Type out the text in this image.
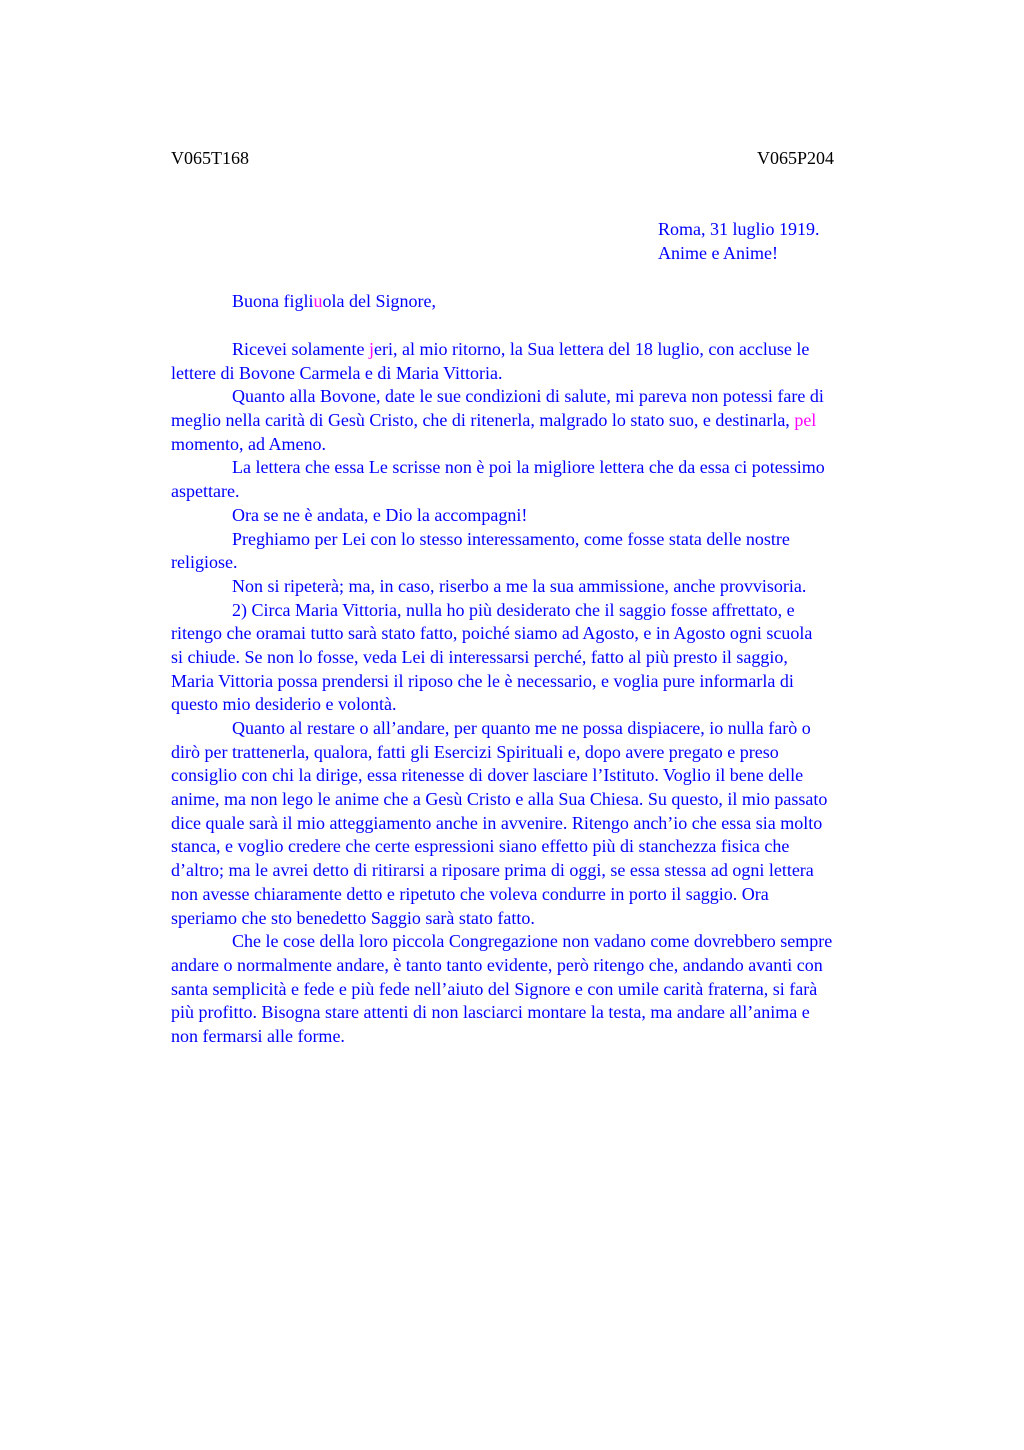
V065T168	V065P204
Roma, 31 luglio 1919.
Anime e Anime!
Buona figliuola del Signore,
Ricevei solamente jeri, al mio ritorno, la Sua lettera del 18 luglio, con accluse le
lettere di Bovone Carmela e di Maria Vittoria.
Quanto alla Bovone, date le sue condizioni di salute, mi pareva non potessi fare di
meglio nella carità di Gesù Cristo, che di ritenerla, malgrado lo stato suo, e destinarla, pel
momento, ad Ameno.
La lettera che essa Le scrisse non è poi la migliore lettera che da essa ci potessimo
aspettare.
Ora se ne è andata, e Dio la accompagni!
Preghiamo per Lei con lo stesso interessamento, come fosse stata delle nostre
religiose.
Non si ripeterà; ma, in caso, riserbo a me la sua ammissione, anche provvisoria.
2) Circa Maria Vittoria, nulla ho più desiderato che il saggio fosse affrettato, e
ritengo che oramai tutto sarà stato fatto, poiché siamo ad Agosto, e in Agosto ogni scuola
si chiude. Se non lo fosse, veda Lei di interessarsi perché, fatto al più presto il saggio,
Maria Vittoria possa prendersi il riposo che le è necessario, e voglia pure informarla di
questo mio desiderio e volontà.
Quanto al restare o all’andare, per quanto me ne possa dispiacere, io nulla farò o
dirò per trattenerla, qualora, fatti gli Esercizi Spirituali e, dopo avere pregato e preso
consiglio con chi la dirige, essa ritenesse di dover lasciare l’Istituto. Voglio il bene delle
anime, ma non lego le anime che a Gesù Cristo e alla Sua Chiesa. Su questo, il mio passato
dice quale sarà il mio atteggiamento anche in avvenire. Ritengo anch’io che essa sia molto
stanca, e voglio credere che certe espressioni siano effetto più di stanchezza fisica che
d’altro; ma le avrei detto di ritirarsi a riposare prima di oggi, se essa stessa ad ogni lettera
non avesse chiaramente detto e ripetuto che voleva condurre in porto il saggio. Ora
speriamo che sto benedetto Saggio sarà stato fatto.
Che le cose della loro piccola Congregazione non vadano come dovrebbero sempre
andare o normalmente andare, è tanto tanto evidente, però ritengo che, andando avanti con
santa semplicità e fede e più fede nell’aiuto del Signore e con umile carità fraterna, si farà
più profitto. Bisogna stare attenti di non lasciarci montare la testa, ma andare all’anima e
non fermarsi alle forme.
